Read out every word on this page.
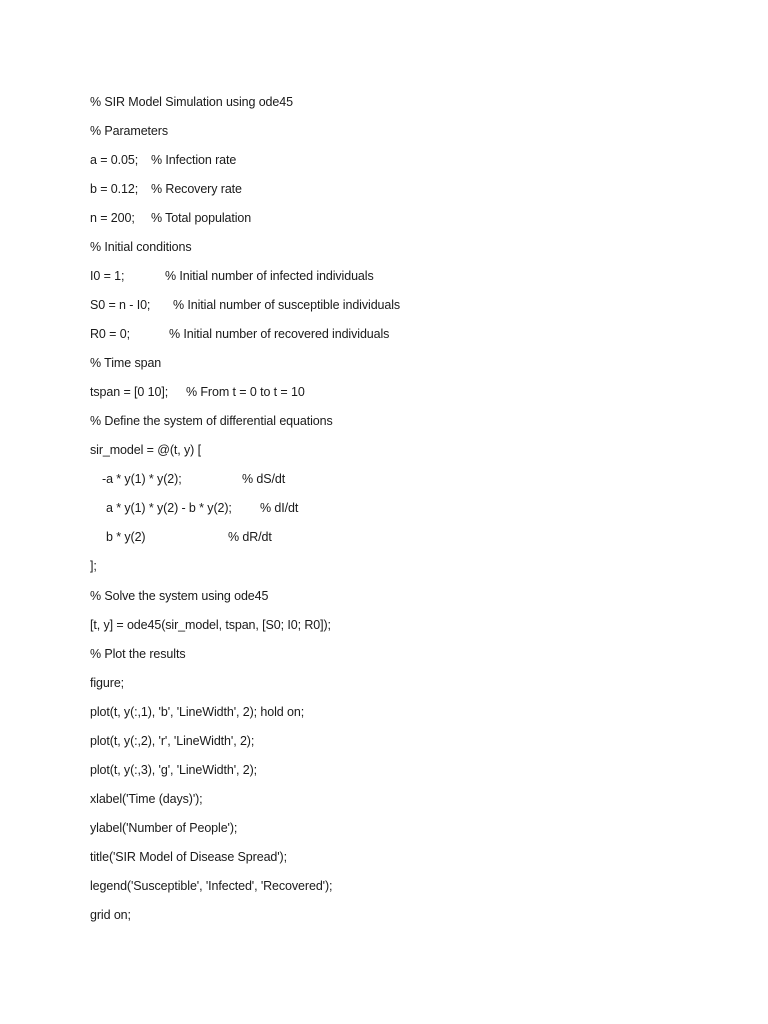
% SIR Model Simulation using ode45

% Parameters

a = 0.05;

% Infection rate

b = 0.12;

% Recovery rate

n = 200;

% Total population

% Initial conditions

I0 = 1;

	% Initial number of infected individuals

S0 = n - I0;

% Initial number of susceptible individuals

R0 = 0;

	% Initial number of recovered individuals

% Time span

tspan = [0 10];

% From t = 0 to t = 10

% Define the system of differential equations

sir_model = @(t, y) [

-a * y(1) * y(2);

	% dS/dt

a * y(1) * y(2) - b * y(2);

% dI/dt

b * y(2)

	% dR/dt

];

% Solve the system using ode45

[t, y] = ode45(sir_model, tspan, [S0; I0; R0]);

% Plot the results

figure;

plot(t, y(:,1), 'b', 'LineWidth', 2); hold on;

plot(t, y(:,2), 'r', 'LineWidth', 2);

plot(t, y(:,3), 'g', 'LineWidth', 2);

xlabel('Time (days)');

ylabel('Number of People');

title('SIR Model of Disease Spread');

legend('Susceptible', 'Infected', 'Recovered');

grid on;
